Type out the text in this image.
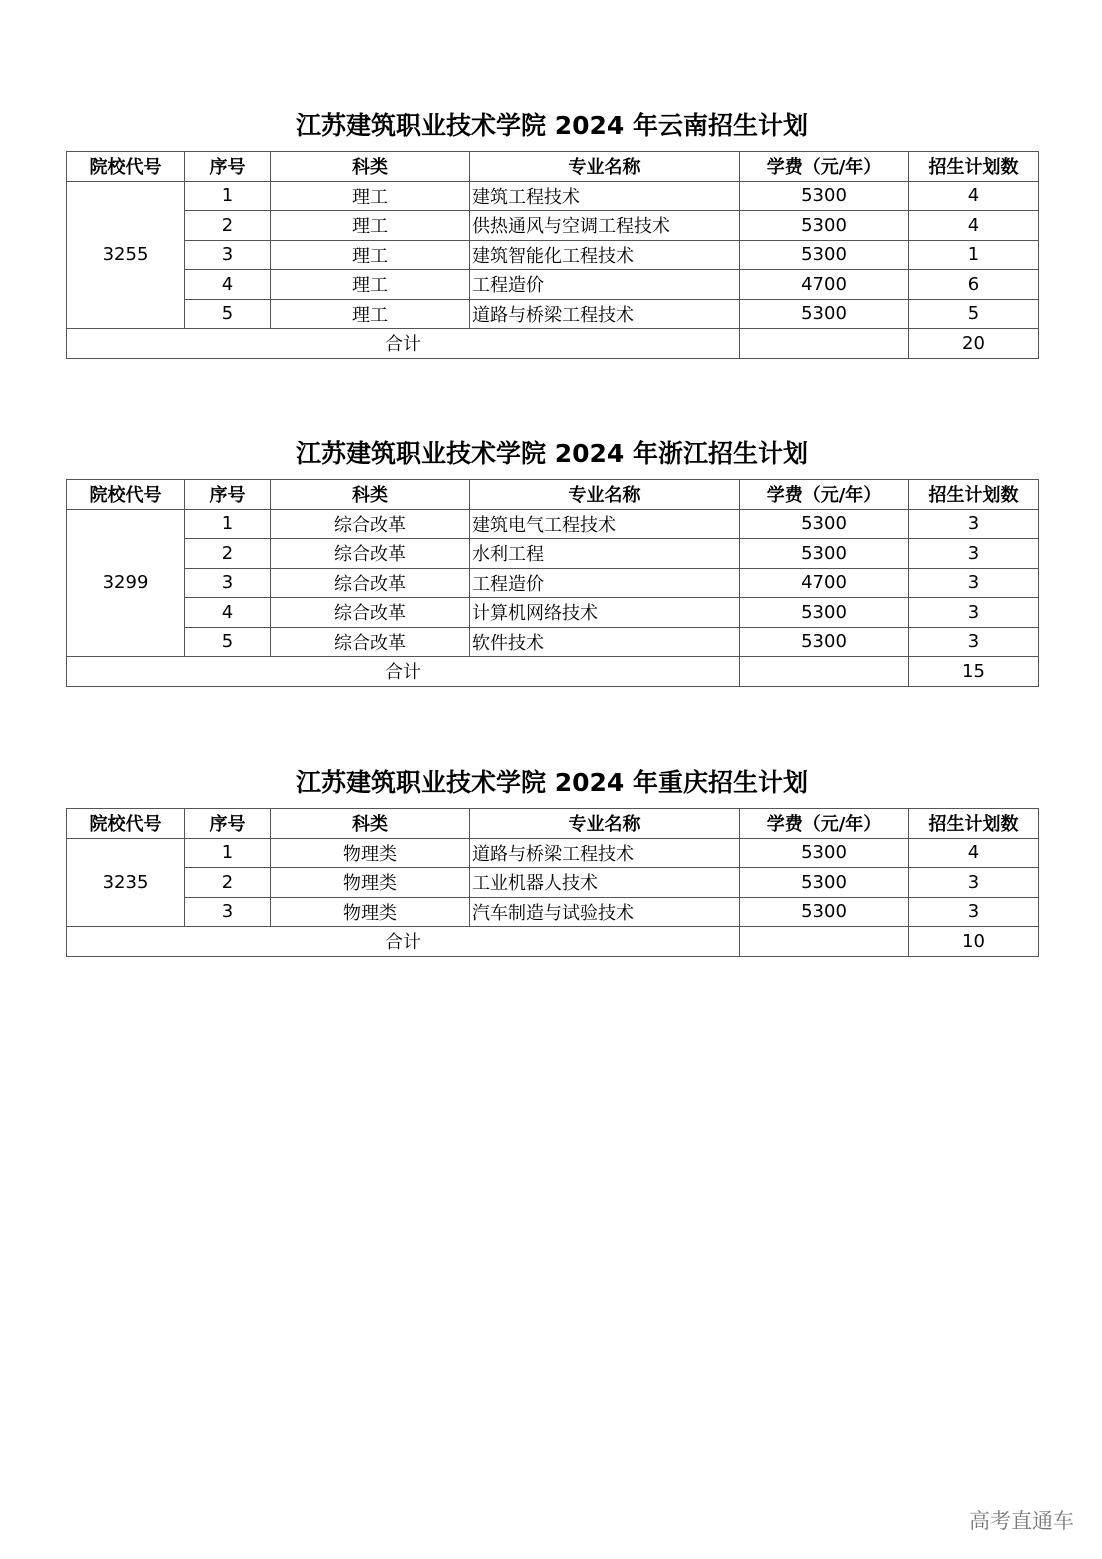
江苏建筑职业技术学院 2024 年云南招生计划
院校代号	序号	科类	专业名称	学费（元/年）	招生计划数
3255	1	理工	建筑工程技术	5300	4
	2	理工	供热通风与空调工程技术	5300	4
	3	理工	建筑智能化工程技术	5300	1
	4	理工	工程造价	4700	6
	5	理工	道路与桥梁工程技术	5300	5
合计					20
江苏建筑职业技术学院 2024 年浙江招生计划
院校代号	序号	科类	专业名称	学费（元/年）	招生计划数
3299	1	综合改革	建筑电气工程技术	5300	3
	2	综合改革	水利工程	5300	3
	3	综合改革	工程造价	4700	3
	4	综合改革	计算机网络技术	5300	3
	5	综合改革	软件技术	5300	3
合计					15
江苏建筑职业技术学院 2024 年重庆招生计划
院校代号	序号	科类	专业名称	学费（元/年）	招生计划数
3235	1	物理类	道路与桥梁工程技术	5300	4
	2	物理类	工业机器人技术	5300	3
	3	物理类	汽车制造与试验技术	5300	3
合计					10
高考直通车
